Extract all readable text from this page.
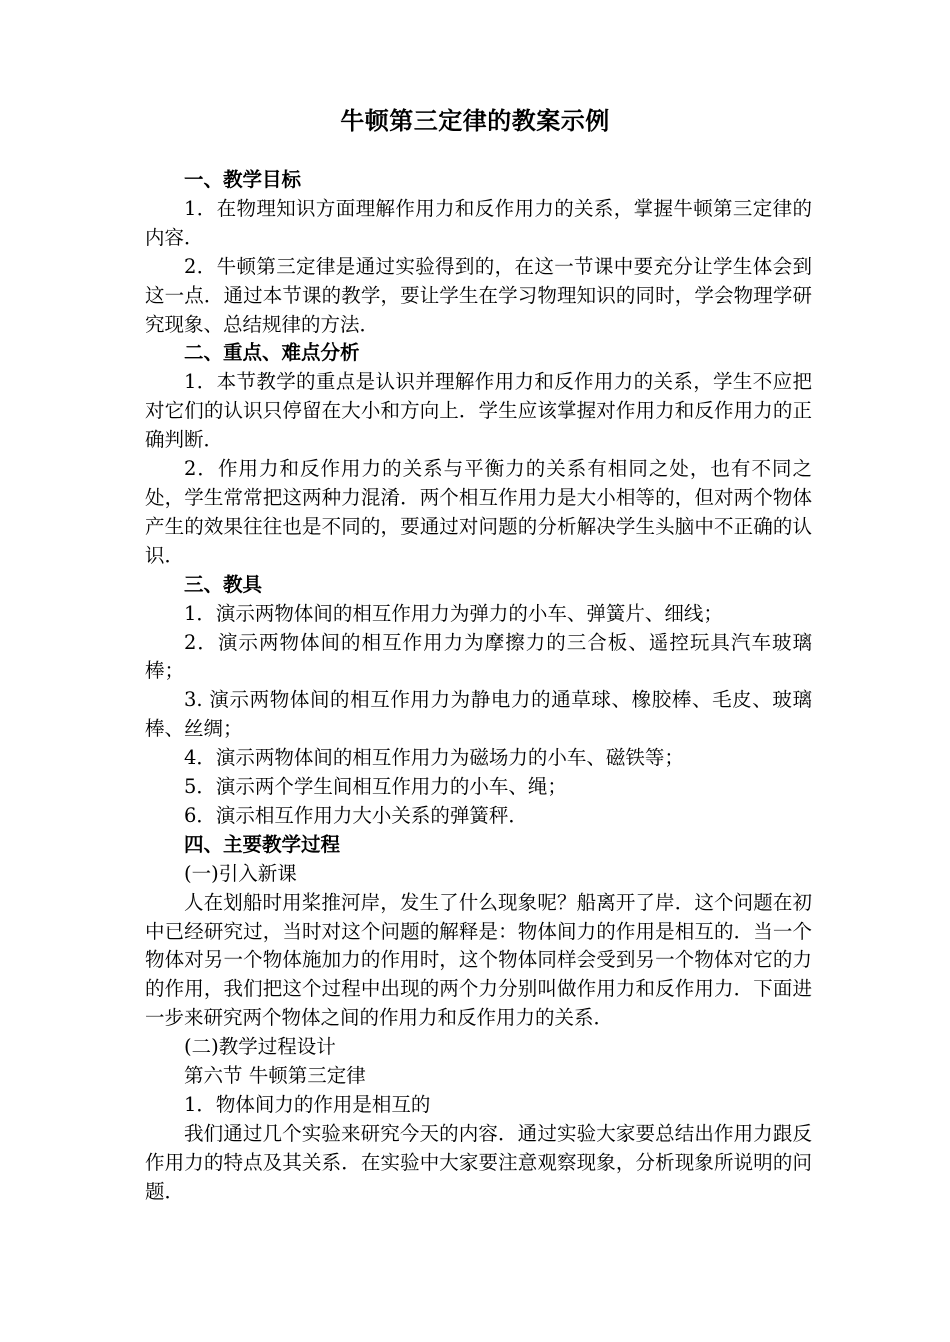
牛顿第三定律的教案示例

一、教学目标

1．在物理知识方面理解作用力和反作用力的关系，掌握牛顿第三定律的内容．

2．牛顿第三定律是通过实验得到的，在这一节课中要充分让学生体会到这一点．通过本节课的教学，要让学生在学习物理知识的同时，学会物理学研究现象、总结规律的方法．

二、重点、难点分析

1．本节教学的重点是认识并理解作用力和反作用力的关系，学生不应把对它们的认识只停留在大小和方向上．学生应该掌握对作用力和反作用力的正确判断．

2．作用力和反作用力的关系与平衡力的关系有相同之处，也有不同之处，学生常常把这两种力混淆．两个相互作用力是大小相等的，但对两个物体产生的效果往往也是不同的，要通过对问题的分析解决学生头脑中不正确的认识．

三、教具

1．演示两物体间的相互作用力为弹力的小车、弹簧片、细线；

2．演示两物体间的相互作用力为摩擦力的三合板、遥控玩具汽车玻璃棒；

3. 演示两物体间的相互作用力为静电力的通草球、橡胶棒、毛皮、玻璃棒、丝绸；

4．演示两物体间的相互作用力为磁场力的小车、磁铁等；

5．演示两个学生间相互作用力的小车、绳；

6．演示相互作用力大小关系的弹簧秤．

四、主要教学过程

(一)引入新课

人在划船时用桨推河岸，发生了什么现象呢？船离开了岸．这个问题在初中已经研究过，当时对这个问题的解释是：物体间力的作用是相互的．当一个物体对另一个物体施加力的作用时，这个物体同样会受到另一个物体对它的力的作用，我们把这个过程中出现的两个力分别叫做作用力和反作用力．下面进一步来研究两个物体之间的作用力和反作用力的关系．

(二)教学过程设计

第六节 牛顿第三定律

1．物体间力的作用是相互的

我们通过几个实验来研究今天的内容．通过实验大家要总结出作用力跟反作用力的特点及其关系．在实验中大家要注意观察现象，分析现象所说明的问题．
